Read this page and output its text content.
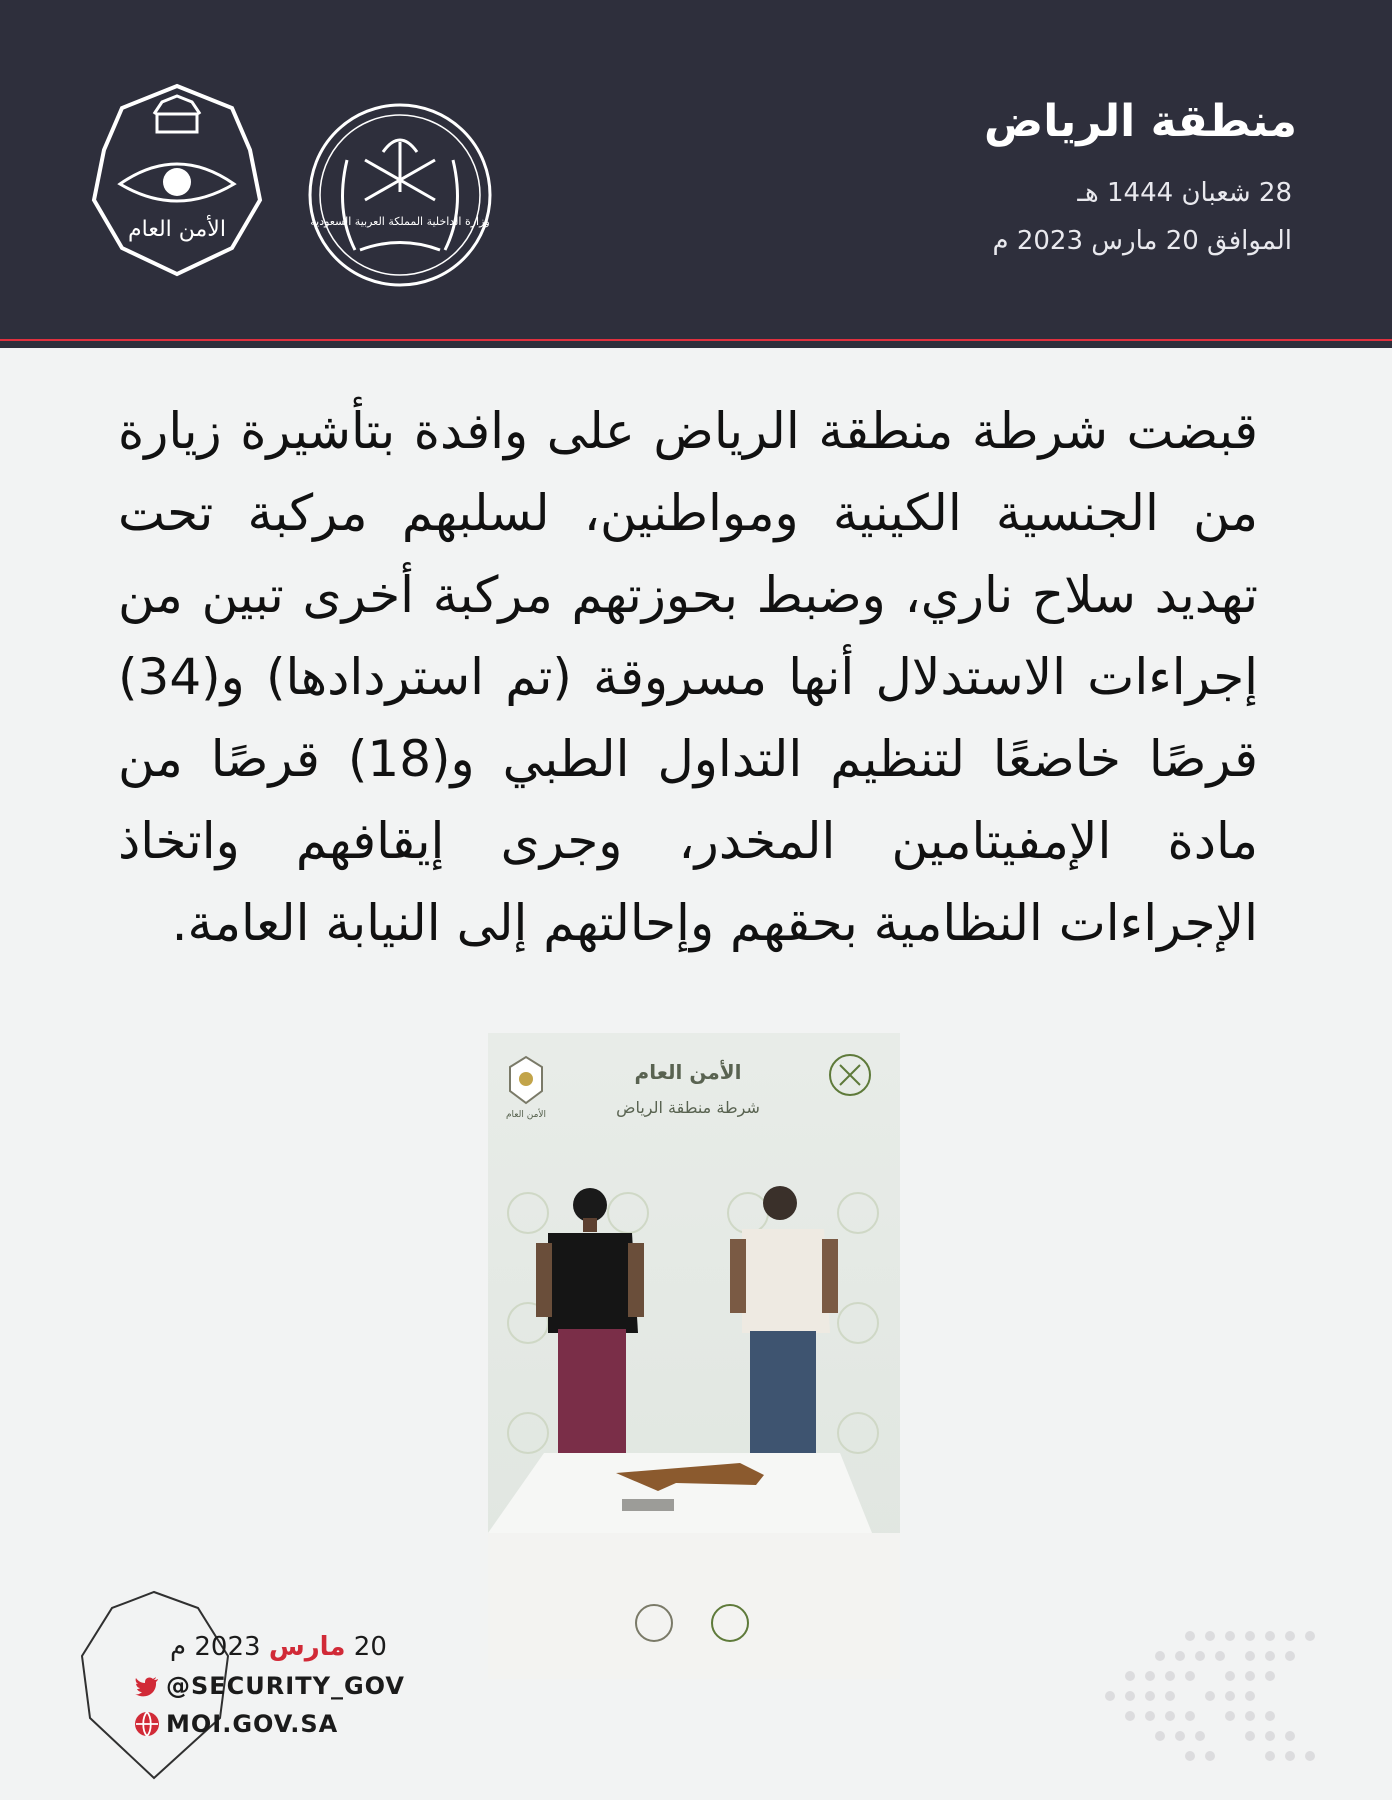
الأمن العام	وزارة الداخلية المملكة العربية السعودية
منطقة الرياض
28 شعبان 1444 هـ
الموافق 20 مارس 2023 م
قبضت شرطة منطقة الرياض على وافدة بتأشيرة زيارة من الجنسية الكينية ومواطنين، لسلبهم مركبة تحت تهديد سلاح ناري، وضبط بحوزتهم مركبة أخرى تبين من إجراءات الاستدلال أنها مسروقة (تم استردادها) و(34) قرصًا خاضعًا لتنظيم التداول الطبي و(18) قرصًا من مادة الإمفيتامين المخدر، وجرى إيقافهم واتخاذ الإجراءات النظامية بحقهم وإحالتهم إلى النيابة العامة.
الأمن العام
الأمن العام
شرطة منطقة الرياض
20 مارس 2023 م
@SECURITY_GOV
MOI.GOV.SA
